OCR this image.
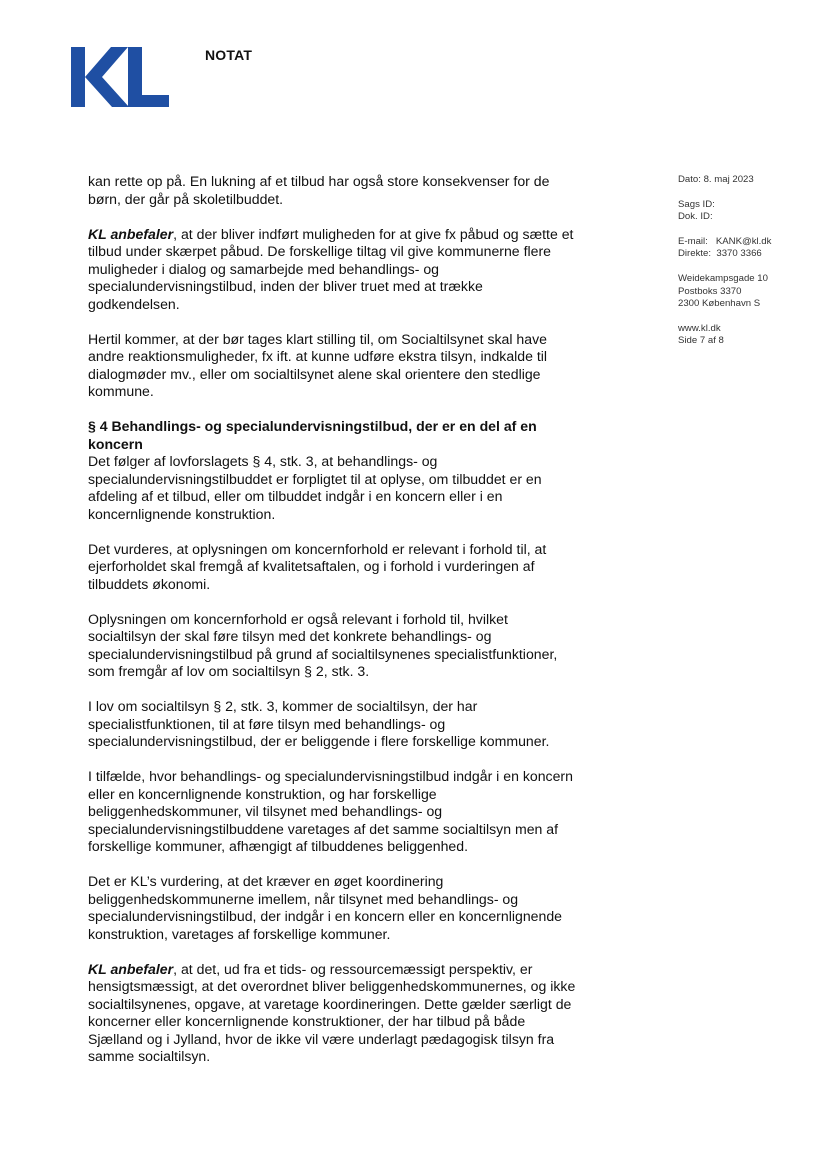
NOTAT
Dato: 8. maj 2023
Sags ID:
Dok. ID:
E-mail:   KANK@kl.dk
Direkte:  3370 3366
Weidekampsgade 10
Postboks 3370
2300 København S
www.kl.dk
Side 7 af 8

kan rette op på. En lukning af et tilbud har også store konsekvenser for de børn, der går på skoletilbuddet.

KL anbefaler, at der bliver indført muligheden for at give fx påbud og sætte et tilbud under skærpet påbud. De forskellige tiltag vil give kommunerne flere muligheder i dialog og samarbejde med behandlings- og specialundervisningstilbud, inden der bliver truet med at trække godkendelsen.

Hertil kommer, at der bør tages klart stilling til, om Socialtilsynet skal have andre reaktionsmuligheder, fx ift. at kunne udføre ekstra tilsyn, indkalde til dialogmøder mv., eller om socialtilsynet alene skal orientere den stedlige kommune.

§ 4 Behandlings- og specialundervisningstilbud, der er en del af en koncern

Det følger af lovforslagets § 4, stk. 3, at behandlings- og specialundervisningstilbuddet er forpligtet til at oplyse, om tilbuddet er en afdeling af et tilbud, eller om tilbuddet indgår i en koncern eller i en koncernlignende konstruktion.

Det vurderes, at oplysningen om koncernforhold er relevant i forhold til, at ejerforholdet skal fremgå af kvalitetsaftalen, og i forhold i vurderingen af tilbuddets økonomi.

Oplysningen om koncernforhold er også relevant i forhold til, hvilket socialtilsyn der skal føre tilsyn med det konkrete behandlings- og specialundervisningstilbud på grund af socialtilsynenes specialistfunktioner, som fremgår af lov om socialtilsyn § 2, stk. 3.

I lov om socialtilsyn § 2, stk. 3, kommer de socialtilsyn, der har specialistfunktionen, til at føre tilsyn med behandlings- og specialundervisningstilbud, der er beliggende i flere forskellige kommuner.

I tilfælde, hvor behandlings- og specialundervisningstilbud indgår i en koncern eller en koncernlignende konstruktion, og har forskellige beliggenhedskommuner, vil tilsynet med behandlings- og specialundervisningstilbuddene varetages af det samme socialtilsyn men af forskellige kommuner, afhængigt af tilbuddenes beliggenhed.

Det er KL’s vurdering, at det kræver en øget koordinering beliggenhedskommunerne imellem, når tilsynet med behandlings- og specialundervisningstilbud, der indgår i en koncern eller en koncernlignende konstruktion, varetages af forskellige kommuner.

KL anbefaler, at det, ud fra et tids- og ressourcemæssigt perspektiv, er hensigtsmæssigt, at det overordnet bliver beliggenhedskommunernes, og ikke socialtilsynenes, opgave, at varetage koordineringen. Dette gælder særligt de koncerner eller koncernlignende konstruktioner, der har tilbud på både Sjælland og i Jylland, hvor de ikke vil være underlagt pædagogisk tilsyn fra samme socialtilsyn.
